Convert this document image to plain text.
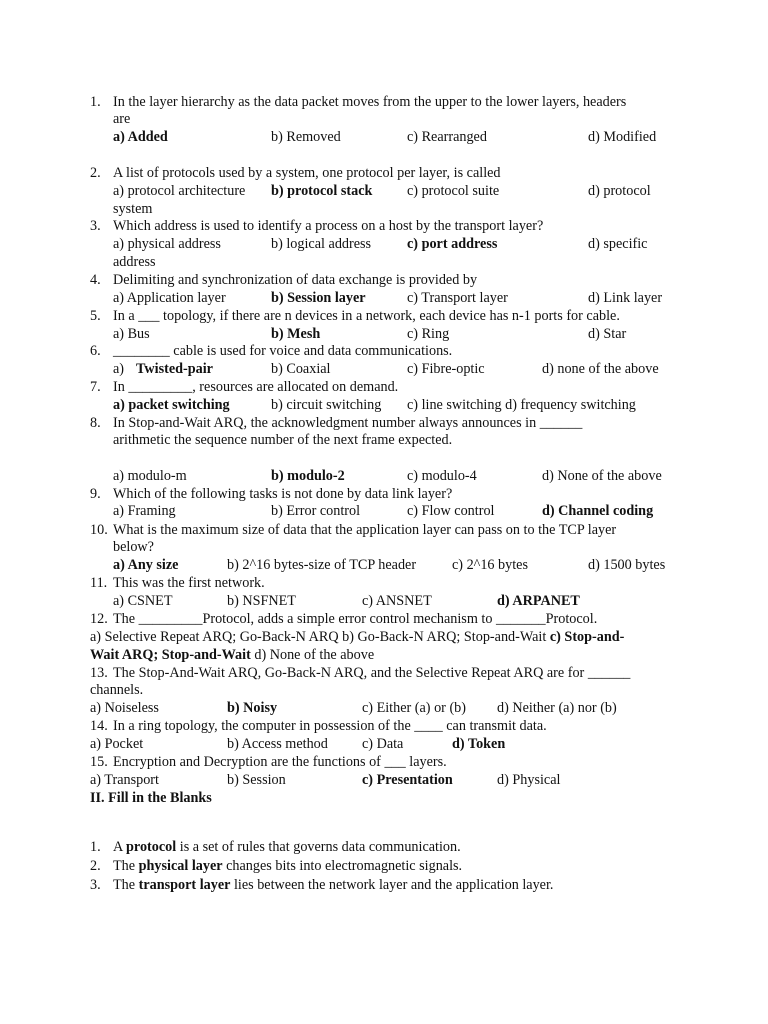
1. In the layer hierarchy as the data packet moves from the upper to the lower layers, headers
are
a) Added	b) Removed	c) Rearranged	d) Modified
2. A list of protocols used by a system, one protocol per layer, is called
a) protocol architecture b) protocol stack c) protocol suite	d) protocol
system
3. Which address is used to identify a process on a host by the transport layer?
a) physical address	b) logical address	c) port address	d) specific
address
4. Delimiting and synchronization of data exchange is provided by
a) Application layer	b) Session layer	c) Transport layer	d) Link layer
5. In a ___ topology, if there are n devices in a network, each device has n-1 ports for cable.
a) Bus	b) Mesh	c) Ring	d) Star
6. ________ cable is used for voice and data communications.
a) Twisted-pair	b) Coaxial	c) Fibre-optic	d) none of the above
7. In _________, resources are allocated on demand.
a) packet switching	b) circuit switching c) line switching d) frequency switching
8. In Stop-and-Wait ARQ, the acknowledgment number always announces in ______
arithmetic the sequence number of the next frame expected.
a) modulo-m	b) modulo-2	c) modulo-4	d) None of the above
9. Which of the following tasks is not done by data link layer?
a) Framing	b) Error control	c) Flow control	d) Channel coding
10. What is the maximum size of data that the application layer can pass on to the TCP layer
below?
a) Any size	b) 2^16 bytes-size of TCP header	c) 2^16 bytes	d) 1500 bytes
11. This was the first network.
a) CSNET	b) NSFNET	c) ANSNET	d) ARPANET
12. The _________Protocol, adds a simple error control mechanism to _______Protocol.
a) Selective Repeat ARQ; Go-Back-N ARQ b) Go-Back-N ARQ; Stop-and-Wait c) Stop-and-
Wait ARQ; Stop-and-Wait d) None of the above
13. The Stop-And-Wait ARQ, Go-Back-N ARQ, and the Selective Repeat ARQ are for ______
channels.
a) Noiseless	b) Noisy	c) Either (a) or (b) d) Neither (a) nor (b)
14. In a ring topology, the computer in possession of the ____ can transmit data.
a) Pocket	b) Access method c) Data	d) Token
15. Encryption and Decryption are the functions of ___ layers.
a) Transport	b) Session	c) Presentation	d) Physical
II. Fill in the Blanks
1. A protocol is a set of rules that governs data communication.
2. The physical layer changes bits into electromagnetic signals.
3. The transport layer lies between the network layer and the application layer.
